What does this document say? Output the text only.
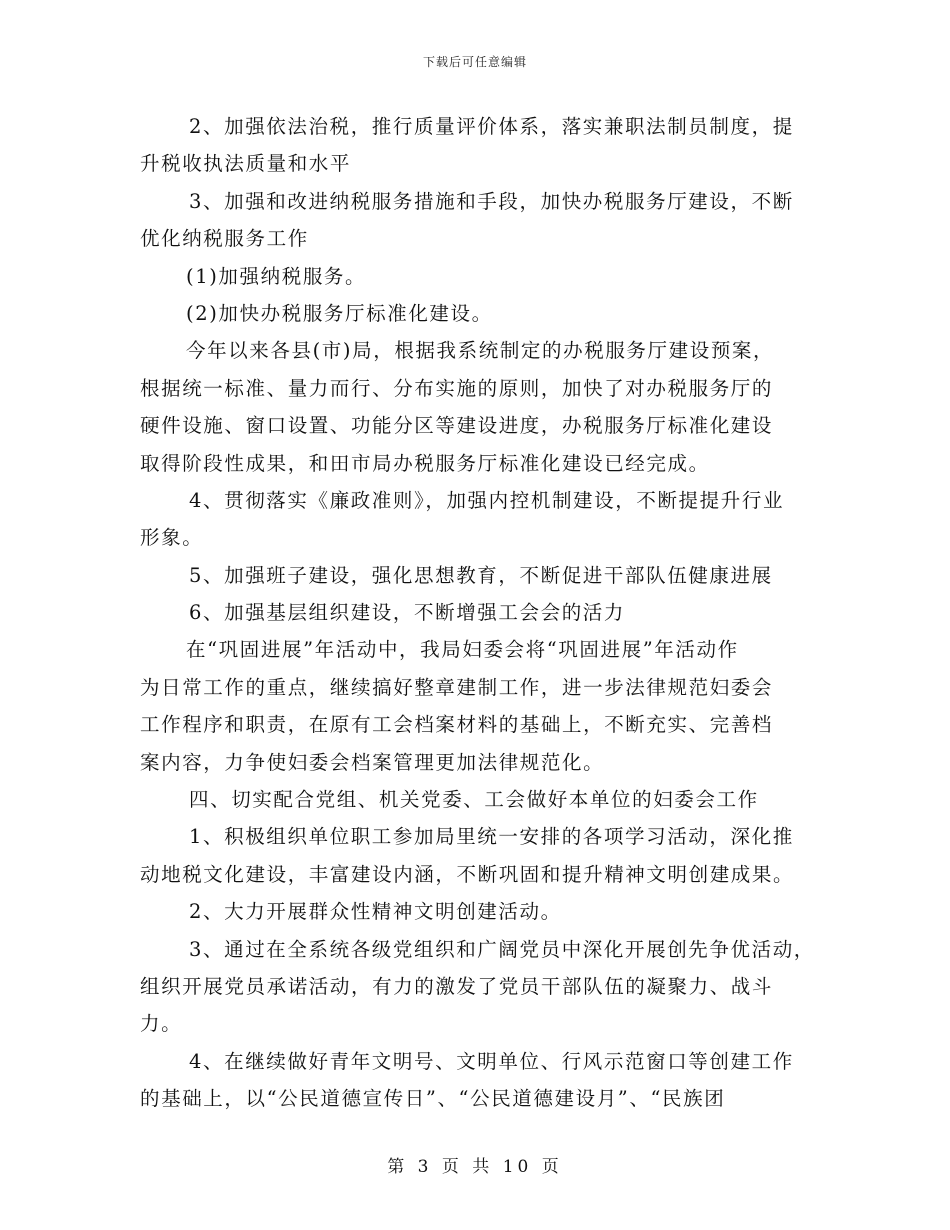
下载后可任意编辑
2、加强依法治税，推行质量评价体系，落实兼职法制员制度，提
升税收执法质量和水平
3、加强和改进纳税服务措施和手段，加快办税服务厅建设，不断
优化纳税服务工作
(1)加强纳税服务。
(2)加快办税服务厅标准化建设。
今年以来各县(市)局，根据我系统制定的办税服务厅建设预案，
根据统一标准、量力而行、分布实施的原则，加快了对办税服务厅的
硬件设施、窗口设置、功能分区等建设进度，办税服务厅标准化建设
取得阶段性成果，和田市局办税服务厅标准化建设已经完成。
4、贯彻落实《廉政准则》，加强内控机制建设，不断提提升行业
形象。
5、加强班子建设，强化思想教育，不断促进干部队伍健康进展
6、加强基层组织建设，不断增强工会会的活力
在“巩固进展”年活动中，我局妇委会将“巩固进展”年活动作
为日常工作的重点，继续搞好整章建制工作，进一步法律规范妇委会
工作程序和职责，在原有工会档案材料的基础上，不断充实、完善档
案内容，力争使妇委会档案管理更加法律规范化。
四、切实配合党组、机关党委、工会做好本单位的妇委会工作
1、积极组织单位职工参加局里统一安排的各项学习活动，深化推
动地税文化建设，丰富建设内涵，不断巩固和提升精神文明创建成果。
2、大力开展群众性精神文明创建活动。
3、通过在全系统各级党组织和广阔党员中深化开展创先争优活动，
组织开展党员承诺活动，有力的激发了党员干部队伍的凝聚力、战斗
力。
4、在继续做好青年文明号、文明单位、行风示范窗口等创建工作
的基础上，以“公民道德宣传日”、“公民道德建设月”、“民族团
第 3 页 共 10 页
